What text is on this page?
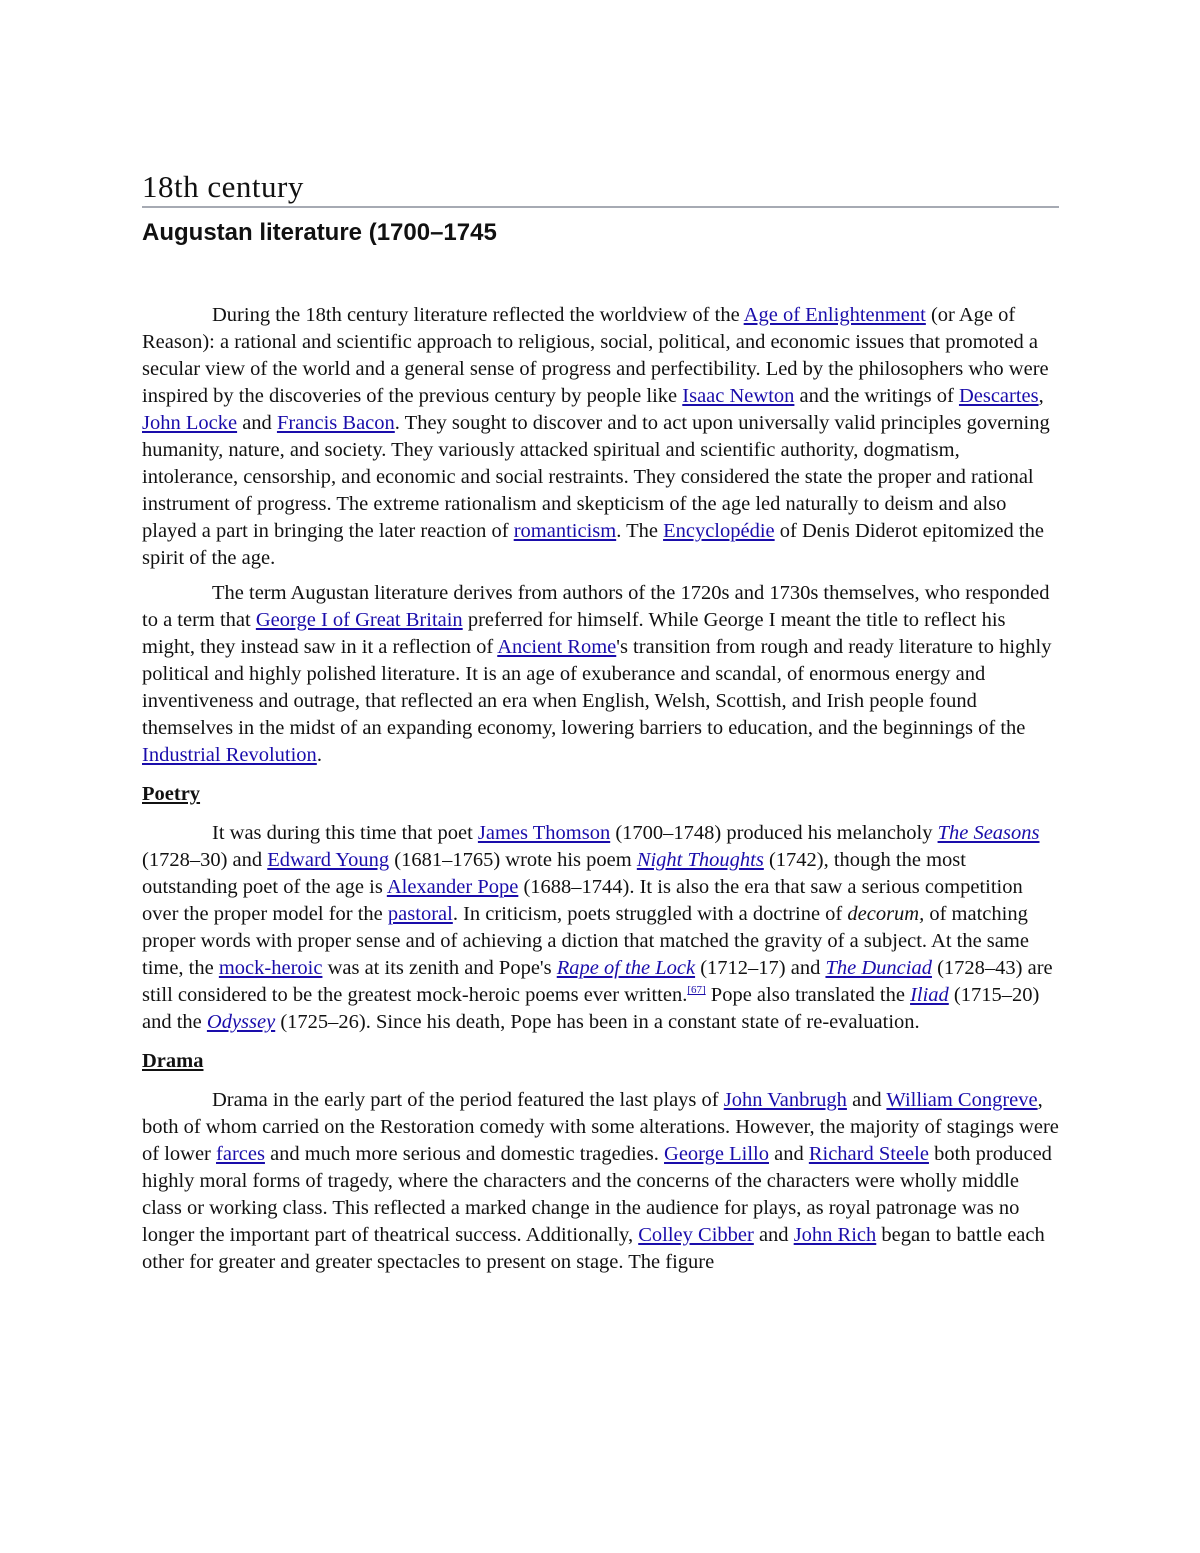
18th century
Augustan literature (1700–1745

During the 18th century literature reflected the worldview of the Age of Enlightenment (or Age of Reason): a rational and scientific approach to religious, social, political, and economic issues that promoted a secular view of the world and a general sense of progress and perfectibility. Led by the philosophers who were inspired by the discoveries of the previous century by people like Isaac Newton and the writings of Descartes, John Locke and Francis Bacon. They sought to discover and to act upon universally valid principles governing humanity, nature, and society. They variously attacked spiritual and scientific authority, dogmatism, intolerance, censorship, and economic and social restraints. They considered the state the proper and rational instrument of progress. The extreme rationalism and skepticism of the age led naturally to deism and also played a part in bringing the later reaction of romanticism. The Encyclopédie of Denis Diderot epitomized the spirit of the age.

The term Augustan literature derives from authors of the 1720s and 1730s themselves, who responded to a term that George I of Great Britain preferred for himself. While George I meant the title to reflect his might, they instead saw in it a reflection of Ancient Rome's transition from rough and ready literature to highly political and highly polished literature. It is an age of exuberance and scandal, of enormous energy and inventiveness and outrage, that reflected an era when English, Welsh, Scottish, and Irish people found themselves in the midst of an expanding economy, lowering barriers to education, and the beginnings of the Industrial Revolution.

Poetry

It was during this time that poet James Thomson (1700–1748) produced his melancholy The Seasons (1728–30) and Edward Young (1681–1765) wrote his poem Night Thoughts (1742), though the most outstanding poet of the age is Alexander Pope (1688–1744). It is also the era that saw a serious competition over the proper model for the pastoral. In criticism, poets struggled with a doctrine of decorum, of matching proper words with proper sense and of achieving a diction that matched the gravity of a subject. At the same time, the mock-heroic was at its zenith and Pope's Rape of the Lock (1712–17) and The Dunciad (1728–43) are still considered to be the greatest mock-heroic poems ever written.[67] Pope also translated the Iliad (1715–20) and the Odyssey (1725–26). Since his death, Pope has been in a constant state of re-evaluation.

Drama

Drama in the early part of the period featured the last plays of John Vanbrugh and William Congreve, both of whom carried on the Restoration comedy with some alterations. However, the majority of stagings were of lower farces and much more serious and domestic tragedies. George Lillo and Richard Steele both produced highly moral forms of tragedy, where the characters and the concerns of the characters were wholly middle class or working class. This reflected a marked change in the audience for plays, as royal patronage was no longer the important part of theatrical success. Additionally, Colley Cibber and John Rich began to battle each other for greater and greater spectacles to present on stage. The figure
